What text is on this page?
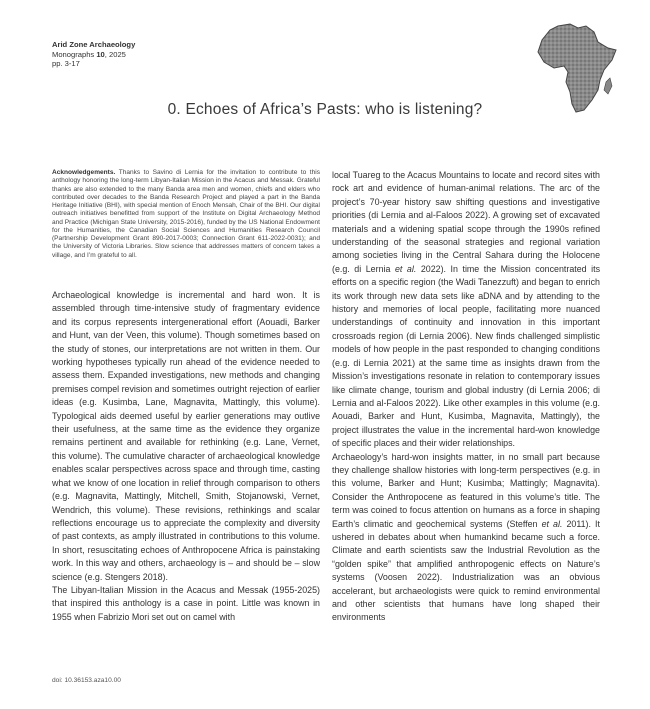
Arid Zone Archaeology
Monographs 10, 2025
pp. 3-17
0. Echoes of Africa’s Pasts: who is listening?
Acknowledgements. Thanks to Savino di Lernia for the invitation to contribute to this anthology honoring the long-term Libyan-Italian Mission in the Acacus and Messak. Grateful thanks are also extended to the many Banda area men and women, chiefs and elders who contributed over decades to the Banda Research Project and played a part in the Banda Heritage Initiative (BHI), with special mention of Enoch Mensah, Chair of the BHI. Our digital outreach initiatives benefitted from support of the Institute on Digital Archaeology Method and Practice (Michigan State University, 2015-2016), funded by the US National Endowment for the Humanities, the Canadian Social Sciences and Humanities Research Council (Partnership Development Grant 890-2017-0003; Connection Grant 611-2022-0031); and the University of Victoria Libraries. Slow science that addresses matters of concern takes a village, and I’m grateful to all.

Archaeological knowledge is incremental and hard won. It is assembled through time-intensive study of fragmentary evidence and its corpus represents intergenerational effort (Aouadi, Barker and Hunt, van der Veen, this volume). Though sometimes based on the study of stones, our interpretations are not written in them. Our working hypotheses typically run ahead of the evidence needed to assess them. Expanded investigations, new methods and changing premises compel revision and sometimes outright rejection of earlier ideas (e.g. Kusimba, Lane, Magnavita, Mattingly, this volume). Typological aids deemed useful by earlier generations may outlive their usefulness, at the same time as the evidence they organize remains pertinent and available for rethinking (e.g. Lane, Vernet, this volume). The cumulative character of archaeological knowledge enables scalar perspectives across space and through time, casting what we know of one location in relief through comparison to others (e.g. Magnavita, Mattingly, Mitchell, Smith, Stojanowski, Vernet, Wendrich, this volume). These revisions, rethinkings and scalar reflections encourage us to appreciate the complexity and diversity of past contexts, as amply illustrated in contributions to this volume. In short, resuscitating echoes of Anthropocene Africa is painstaking work. In this way and others, archaeology is – and should be – slow science (e.g. Stengers 2018).

The Libyan-Italian Mission in the Acacus and Messak (1955-2025) that inspired this anthology is a case in point. Little was known in 1955 when Fabrizio Mori set out on camel with

local Tuareg to the Acacus Mountains to locate and record sites with rock art and evidence of human-animal relations. The arc of the project’s 70-year history saw shifting questions and investigative priorities (di Lernia and al-Faloos 2022). A growing set of excavated materials and a widening spatial scope through the 1990s refined understanding of the seasonal strategies and regional variation among societies living in the Central Sahara during the Holocene (e.g. di Lernia et al. 2022). In time the Mission concentrated its efforts on a specific region (the Wadi Tanezzuft) and began to enrich its work through new data sets like aDNA and by attending to the history and memories of local people, facilitating more nuanced understandings of continuity and innovation in this important crossroads region (di Lernia 2006). New finds challenged simplistic models of how people in the past responded to changing conditions (e.g. di Lernia 2021) at the same time as insights drawn from the Mission’s investigations resonate in relation to contemporary issues like climate change, tourism and global industry (di Lernia 2006; di Lernia and al-Faloos 2022). Like other examples in this volume (e.g. Aouadi, Barker and Hunt, Kusimba, Magnavita, Mattingly), the project illustrates the value in the incremental hard-won knowledge of specific places and their wider relationships.

Archaeology’s hard-won insights matter, in no small part because they challenge shallow histories with long-term perspectives (e.g. in this volume, Barker and Hunt; Kusimba; Mattingly; Magnavita). Consider the Anthropocene as featured in this volume’s title. The term was coined to focus attention on humans as a force in shaping Earth’s climatic and geochemical systems (Steffen et al. 2011). It ushered in debates about when humankind became such a force. Climate and earth scientists saw the Industrial Revolution as the “golden spike” that amplified anthropogenic effects on Nature’s systems (Voosen 2022). Industrialization was an obvious accelerant, but archaeologists were quick to remind environmental and other scientists that humans have long shaped their environments

doi: 10.36153.aza10.00
